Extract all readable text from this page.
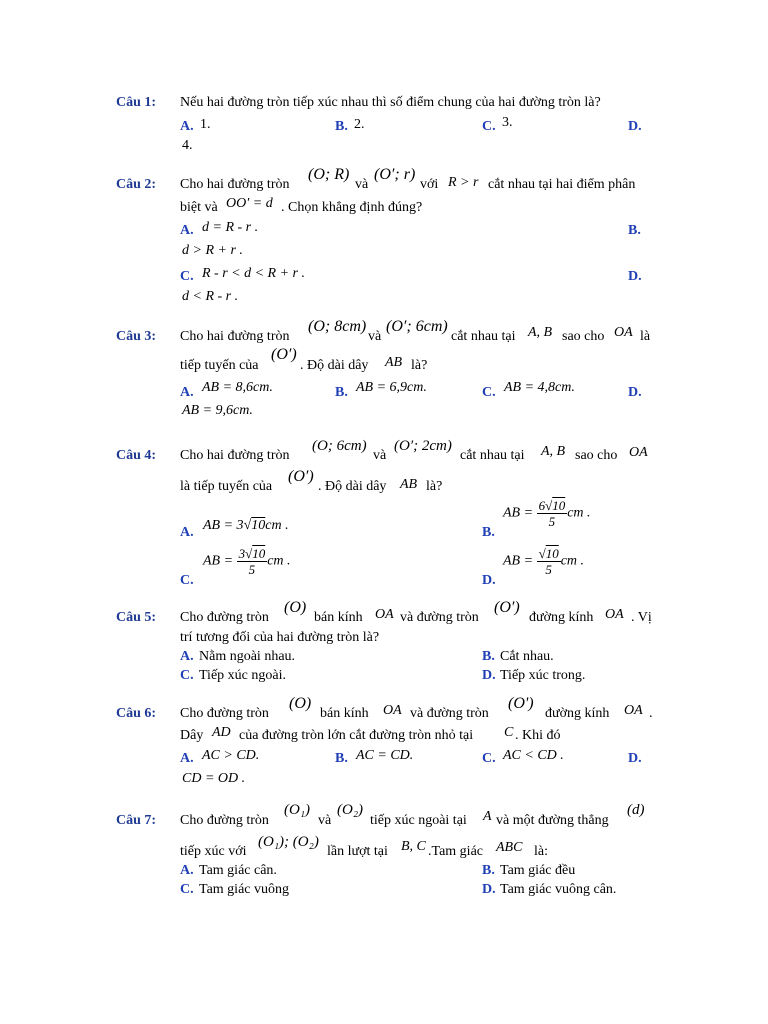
Câu 1: Nếu hai đường tròn tiếp xúc nhau thì số điểm chung của hai đường tròn là?
A. 1.	B. 2.	C. 3.	D.
4.
Câu 2: Cho hai đường tròn
(O; R)
và
(O′; r)
với R > r cắt nhau tại hai điểm phân
biệt và OO′ = d . Chọn khẳng định đúng?
A. d = R - r .	B.
d > R + r .
C. R - r < d < R + r .	D.
d < R - r .
Câu 3: Cho hai đường tròn
(O; 8cm)
và
(O′; 6cm)
cắt nhau tại A, B sao cho OA là
tiếp tuyến của
(O′)
. Độ dài dây AB là?
A. AB = 8,6cm.	B. AB = 6,9cm.	C. AB = 4,8cm.	D.
AB = 9,6cm.
Câu 4: Cho hai đường tròn
(O; 6cm)
và
(O′; 2cm)
cắt nhau tại A, B sao cho OA
là tiếp tuyến của
(O′)
. Độ dài dây AB là?
A. AB = 3√10cm .	B.
AB = $\frac{6√10}{5}$ cm .
C.
AB = $\frac{3√10}{5}$ cm .
D.
AB = $\frac{√10}{5}$ cm .
Câu 5: Cho đường tròn
(O)
bán kính OA và đường tròn
(O′)
đường kính OA . Vị
trí tương đối của hai đường tròn là?
A. Nằm ngoài nhau.	B. Cắt nhau.
C. Tiếp xúc ngoài.	D. Tiếp xúc trong.
Câu 6: Cho đường tròn
(O)
bán kính OA và đường tròn
(O')
đường kính OA .
Dây AD của đường tròn lớn cắt đường tròn nhỏ tại C . Khi đó
A. AC > CD.	B. AC = CD.	C. AC < CD .	D.
CD = OD .
Câu 7: Cho đường tròn
(O₁)
và
(O₂)
tiếp xúc ngoài tại A và một đường thẳng
(d)
tiếp xúc với
(O₁); (O₂)
lần lượt tại B, C .Tam giác ABC là:
A. Tam giác cân.	B. Tam giác đều
C. Tam giác vuông	D. Tam giác vuông cân.
